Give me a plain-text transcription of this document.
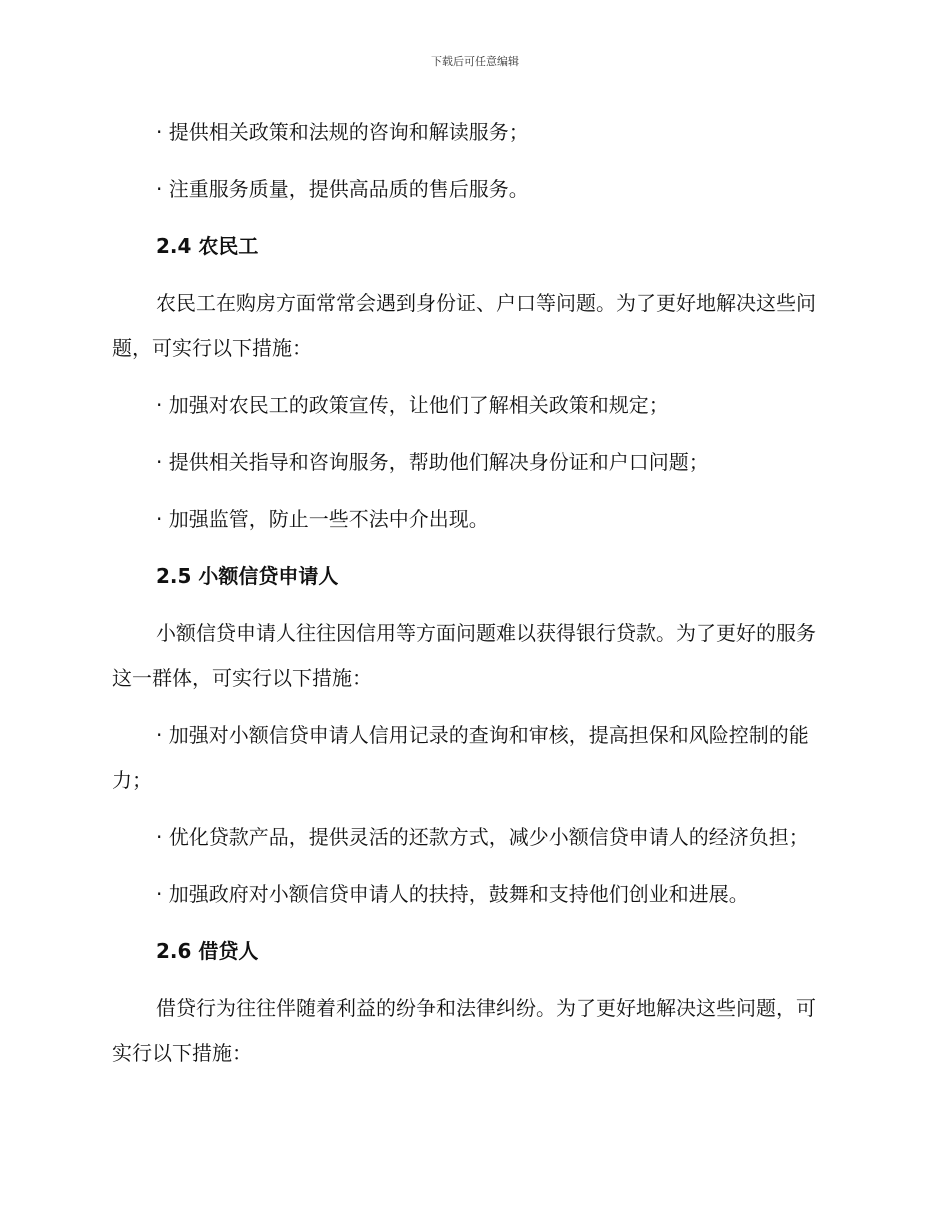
下载后可任意编辑

· 提供相关政策和法规的咨询和解读服务；

· 注重服务质量，提供高品质的售后服务。

2.4 农民工

农民工在购房方面常常会遇到身份证、户口等问题。为了更好地解决这些问题，可实行以下措施：

· 加强对农民工的政策宣传，让他们了解相关政策和规定；

· 提供相关指导和咨询服务，帮助他们解决身份证和户口问题；

· 加强监管，防止一些不法中介出现。

2.5 小额信贷申请人

小额信贷申请人往往因信用等方面问题难以获得银行贷款。为了更好的服务这一群体，可实行以下措施：

· 加强对小额信贷申请人信用记录的查询和审核，提高担保和风险控制的能力；

· 优化贷款产品，提供灵活的还款方式，减少小额信贷申请人的经济负担；

· 加强政府对小额信贷申请人的扶持，鼓舞和支持他们创业和进展。

2.6 借贷人

借贷行为往往伴随着利益的纷争和法律纠纷。为了更好地解决这些问题，可实行以下措施：
